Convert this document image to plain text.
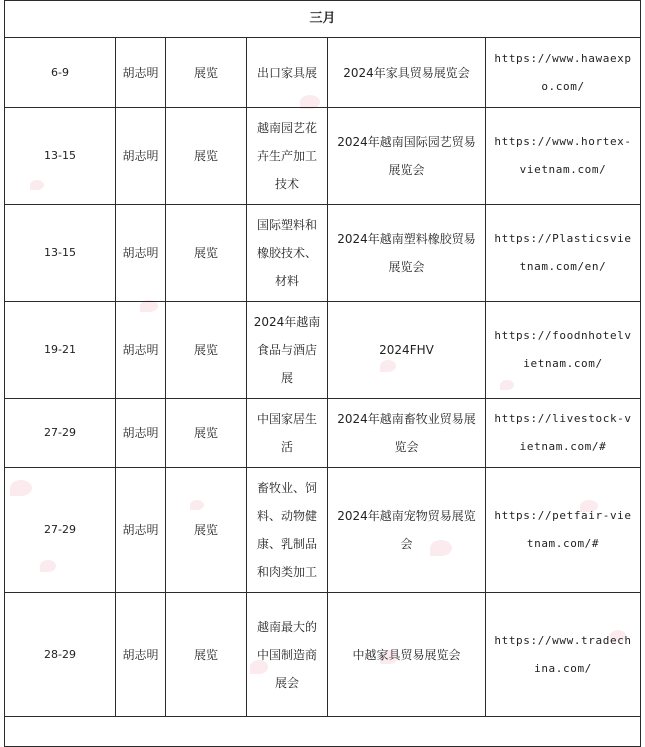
三月					
6-9	胡志明	展览	出口家具展	2024年家具贸易展览会	https://www.hawaexpo.com/
13-15	胡志明	展览	越南园艺花卉生产加工技术	2024年越南国际园艺贸易展览会	https://www.hortex-vietnam.com/
13-15	胡志明	展览	国际塑料和橡胶技术、材料	2024年越南塑料橡胶贸易展览会	https://Plasticsvietnam.com/en/
19-21	胡志明	展览	2024年越南食品与酒店展	2024FHV	https://foodnhotelvietnam.com/
27-29	胡志明	展览	中国家居生活	2024年越南畜牧业贸易展览会	https://livestock-vietnam.com/#
27-29	胡志明	展览	畜牧业、饲料、动物健康、乳制品和肉类加工	2024年越南宠物贸易展览会	https://petfair-vietnam.com/#
28-29	胡志明	展览	越南最大的中国制造商展会	中越家具贸易展览会	https://www.tradechina.com/
